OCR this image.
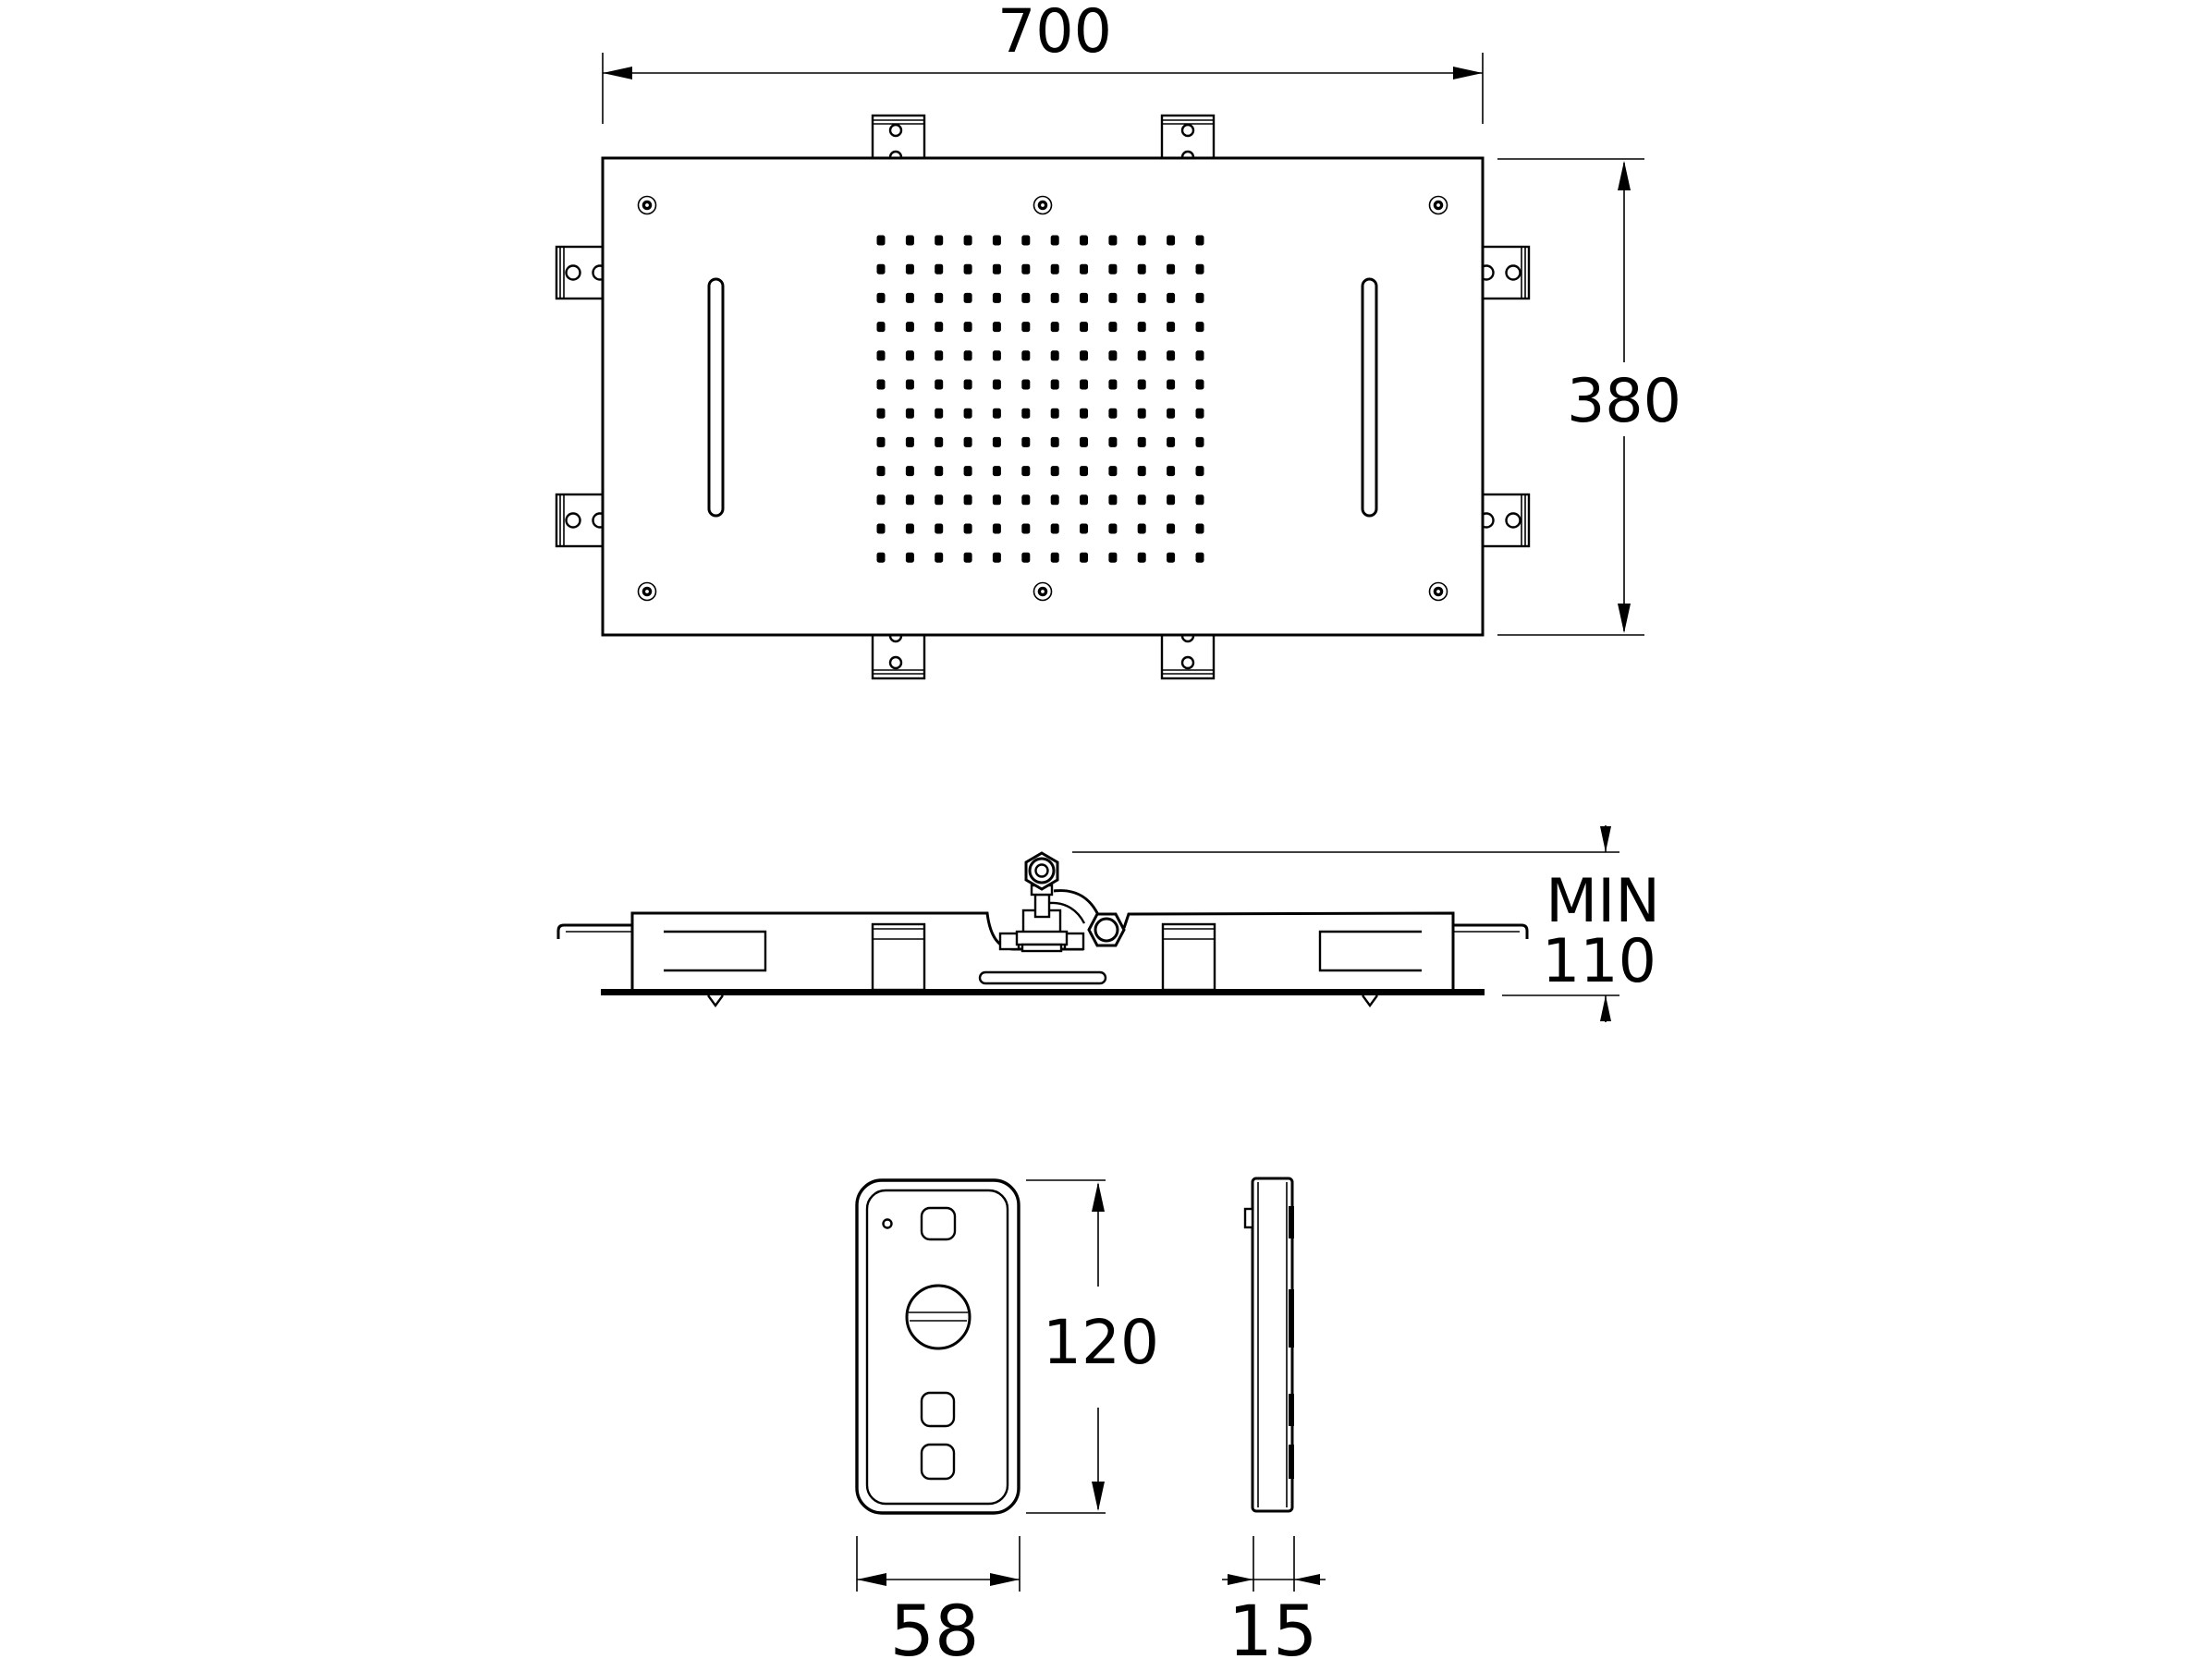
700
380
MIN
110
120
58	15
